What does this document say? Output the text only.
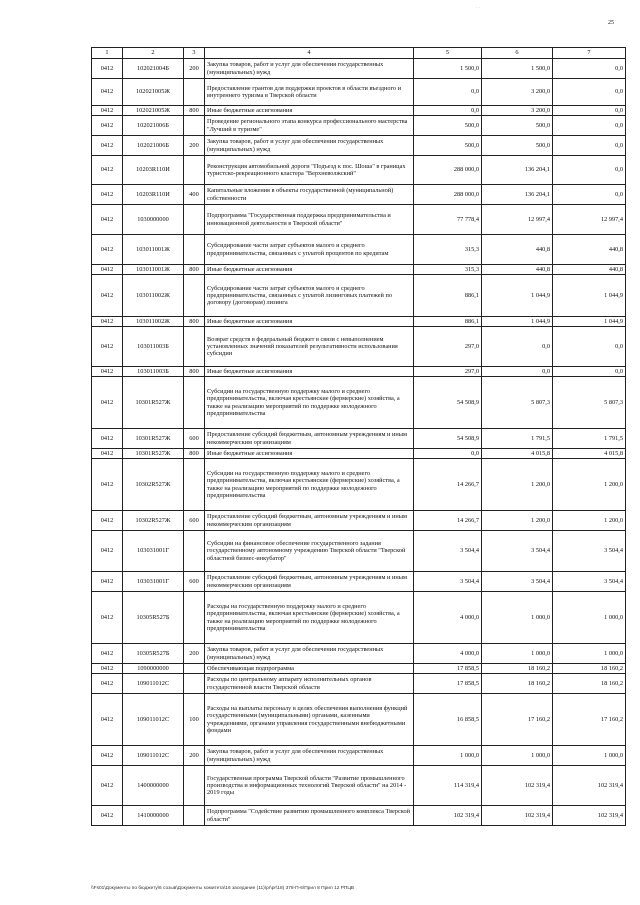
· ·
25
1	2	3	4	5	6	7
0412	102021004Б	200	Закупка товаров, работ и услуг для обеспечения государственных (муниципальных) нужд	1 500,0	1 500,0	0,0
0412	102021005Ж		Предоставление грантов для поддержки проектов в области въездного и внутреннего туризма в Тверской области	0,0	3 200,0	0,0
0412	102021005Ж	800	Иные бюджетные ассигнования	0,0	3 200,0	0,0
0412	102021006Б		Проведение регионального этапа конкурса профессионального мастерства "Лучший в туризме"	500,0	500,0	0,0
0412	102021006Б	200	Закупка товаров, работ и услуг для обеспечения государственных (муниципальных) нужд	500,0	500,0	0,0
0412	10203R110И		Реконструкция автомобильной дороги "Подъезд к пос. Шоша" в границах туристско-рекреационного кластера "Верхневолжский"	288 000,0	136 204,1	0,0
0412	10203R110И	400	Капитальные вложения в объекты государственной (муниципальной) собственности	288 000,0	136 204,1	0,0
0412	1030000000		Подпрограмма "Государственная поддержка предпринимательства и инновационной деятельности в Тверской области"	77 778,4	12 997,4	12 997,4
0412	103011001Ж		Субсидирование части затрат субъектов малого и среднего предпринимательства, связанных с уплатой процентов по кредитам	315,3	440,8	440,8
0412	103011001Ж	800	Иные бюджетные ассигнования	315,3	440,8	440,8
0412	103011002Ж		Субсидирование части затрат субъектов малого и среднего предпринимательства, связанных с уплатой лизинговых платежей по договору (договорам) лизинга	886,1	1 044,9	1 044,9
0412	103011002Ж	800	Иные бюджетные ассигнования	886,1	1 044,9	1 044,9
0412	103011003Б		Возврат средств в федеральный бюджет в связи с невыполнением установленных значений показателей результативности использования субсидии	297,0	0,0	0,0
0412	103011003Б	800	Иные бюджетные ассигнования	297,0	0,0	0,0
0412	10301R527Ж		Субсидии на государственную поддержку малого и среднего предпринимательства, включая крестьянские (фермерские) хозяйства, а также на реализацию мероприятий по поддержке молодежного предпринимательства	54 508,9	5 807,3	5 807,3
0412	10301R527Ж	600	Предоставление субсидий бюджетным, автономным учреждениям и иным некоммерческим организациям	54 508,9	1 791,5	1 791,5
0412	10301R527Ж	800	Иные бюджетные ассигнования	0,0	4 015,8	4 015,8
0412	10302R527Ж		Субсидии на государственную поддержку малого и среднего предпринимательства, включая крестьянские (фермерские) хозяйства, а также на реализацию мероприятий по поддержке молодежного предпринимательства	14 266,7	1 200,0	1 200,0
0412	10302R527Ж	600	Предоставление субсидий бюджетным, автономным учреждениям и иным некоммерческим организациям	14 266,7	1 200,0	1 200,0
0412	103031001Г		Субсидии на финансовое обеспечение государственного задания государственному автономному учреждению Тверской области "Тверской областной бизнес-инкубатор"	3 504,4	3 504,4	3 504,4
0412	103031001Г	600	Предоставление субсидий бюджетным, автономным учреждениям и иным некоммерческим организациям	3 504,4	3 504,4	3 504,4
0412	10305R527Б		Расходы на государственную поддержку малого и среднего предпринимательства, включая крестьянские (фермерские) хозяйства, а также на реализацию мероприятий по поддержке молодежного предпринимательства	4 000,0	1 000,0	1 000,0
0412	10305R527Б	200	Закупка товаров, работ и услуг для обеспечения государственных (муниципальных) нужд	4 000,0	1 000,0	1 000,0
0412	1090000000		Обеспечивающая подпрограмма	17 858,5	18 160,2	18 160,2
0412	109011012С		Расходы по центральному аппарату исполнительных органов государственной власти Тверской области	17 858,5	18 160,2	18 160,2
0412	109011012С	100	Расходы на выплаты персоналу в целях обеспечения выполнения функций государственными (муниципальными) органами, казенными учреждениями, органами управления государственными внебюджетными фондами	16 858,5	17 160,2	17 160,2
0412	109011012С	200	Закупка товаров, работ и услуг для обеспечения государственных (муниципальных) нужд	1 000,0	1 000,0	1 000,0
0412	1400000000		Государственная программа Тверской области "Развитие промышленного производства и информационных технологий Тверской области" на 2014 - 2019 годы	114 319,4	102 319,4	102 319,4
0412	1410000000		Подпрограмма "Содействие развитию промышленного комплекса Тверской области"	102 319,4	102 319,4	102 319,4
\\Fs01\Документы по бюджету\6 созыв\Документы комитета\16 заседание (11)\pr\pr\18) 378-П-6\Прил 8 Прил 12 РПЦВ
